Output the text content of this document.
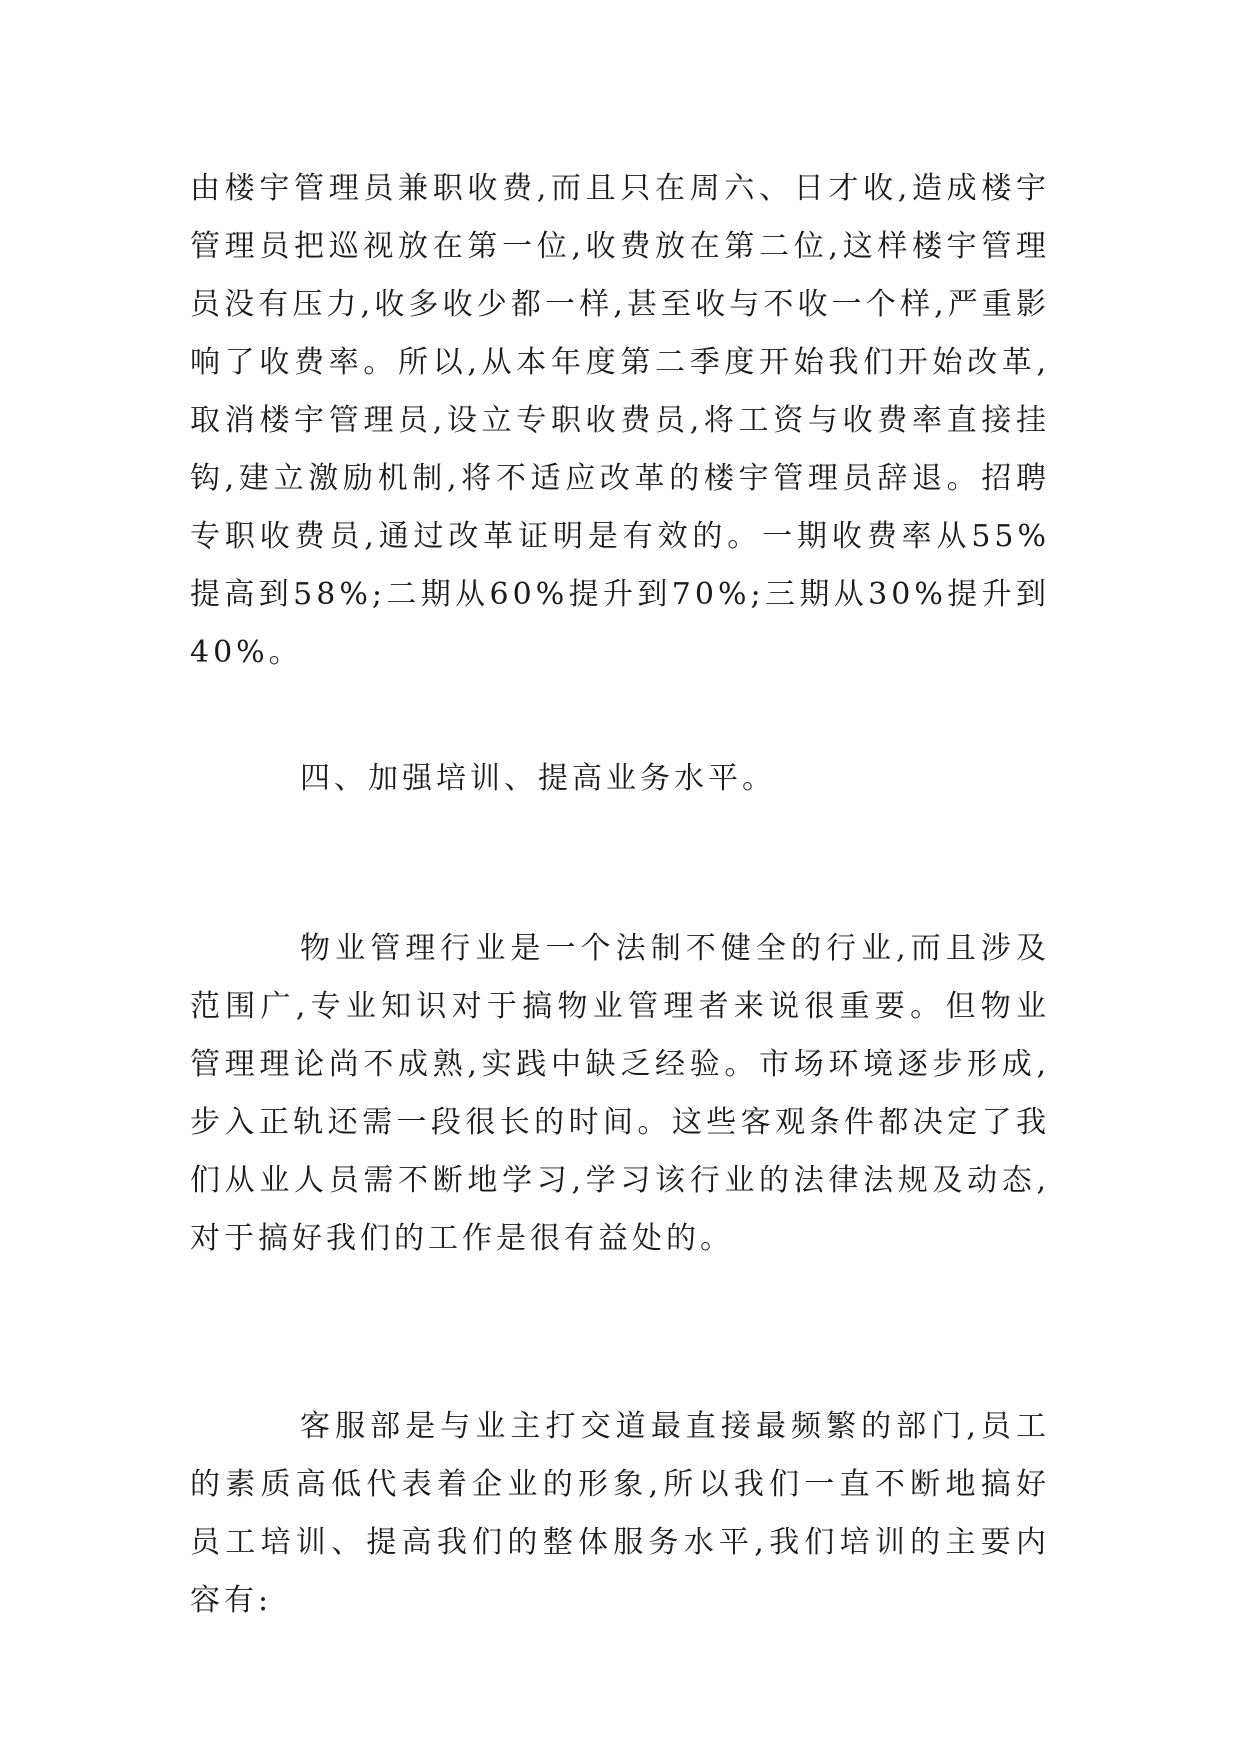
由楼宇管理员兼职收费,而且只在周六、日才收,造成楼宇管理员把巡视放在第一位,收费放在第二位,这样楼宇管理员没有压力,收多收少都一样,甚至收与不收一个样,严重影响了收费率。所以,从本年度第二季度开始我们开始改革,取消楼宇管理员,设立专职收费员,将工资与收费率直接挂钩,建立激励机制,将不适应改革的楼宇管理员辞退。招聘专职收费员,通过改革证明是有效的。一期收费率从55%提高到58%;二期从60%提升到70%;三期从30%提升到40%。

四、加强培训、提高业务水平。

物业管理行业是一个法制不健全的行业,而且涉及范围广,专业知识对于搞物业管理者来说很重要。但物业管理理论尚不成熟,实践中缺乏经验。市场环境逐步形成,步入正轨还需一段很长的时间。这些客观条件都决定了我们从业人员需不断地学习,学习该行业的法律法规及动态,对于搞好我们的工作是很有益处的。

客服部是与业主打交道最直接最频繁的部门,员工的素质高低代表着企业的形象,所以我们一直不断地搞好员工培训、提高我们的整体服务水平,我们培训的主要内容有:
